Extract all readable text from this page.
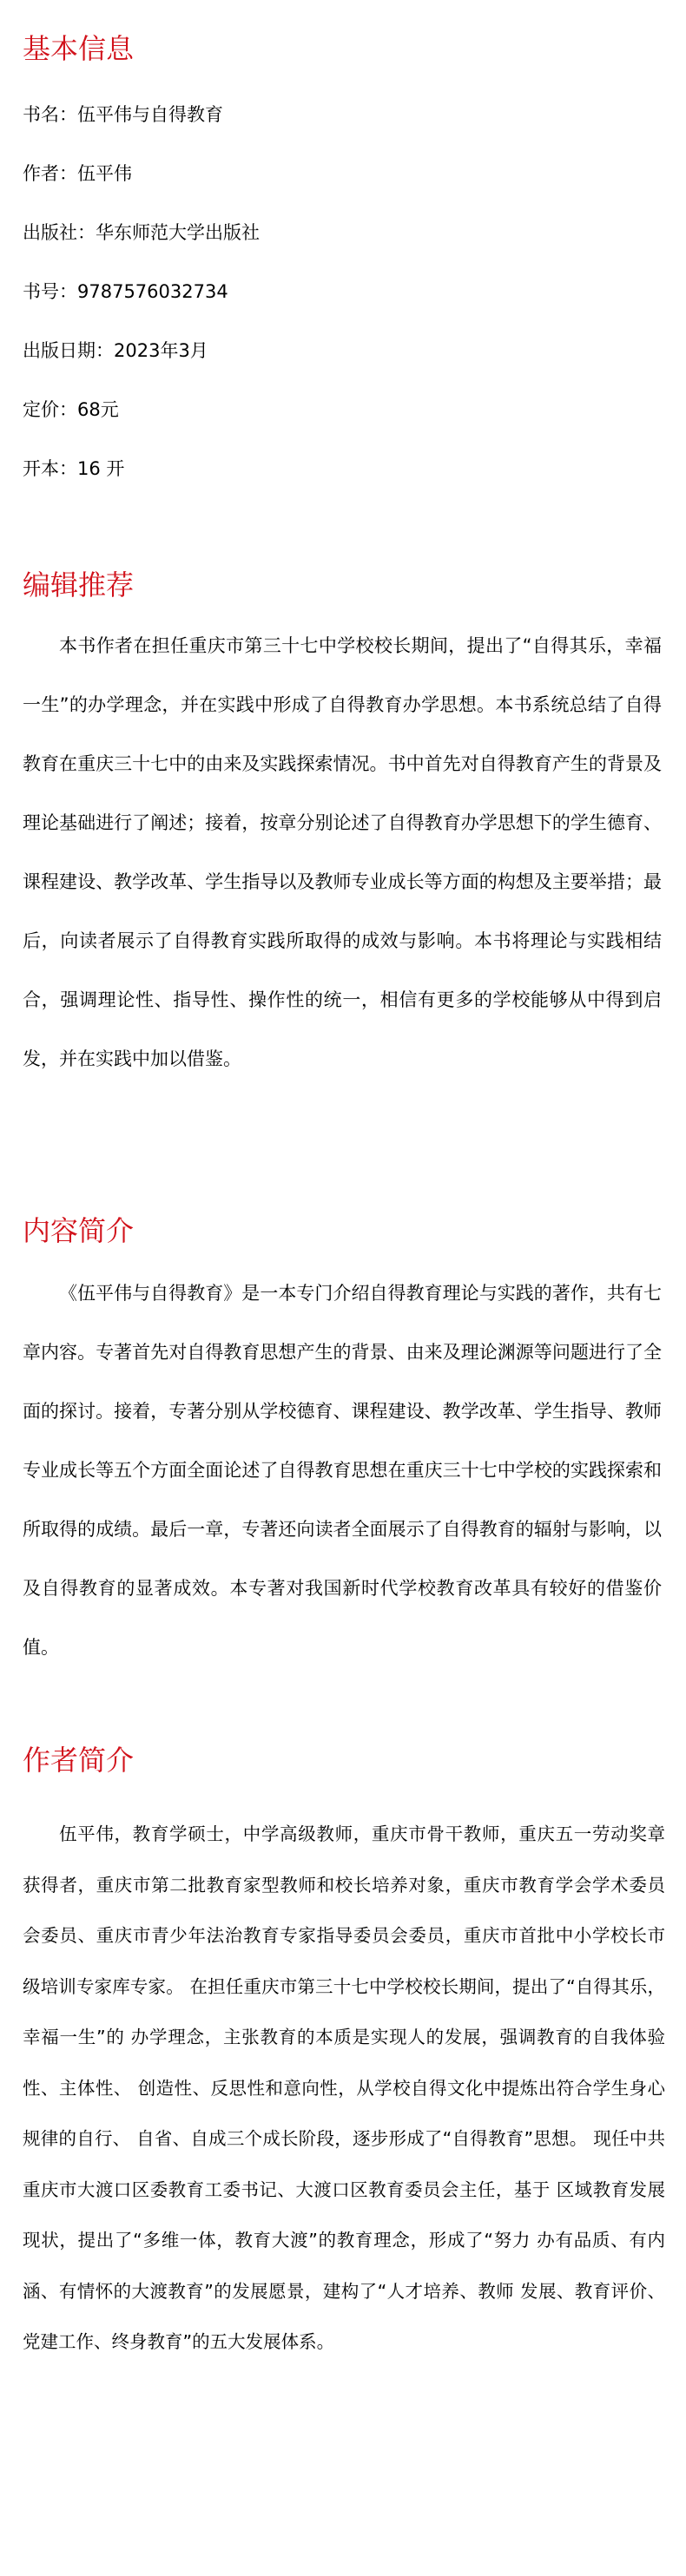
基本信息
书名：伍平伟与自得教育
作者：伍平伟
出版社：华东师范大学出版社
书号：9787576032734
出版日期：2023年3月
定价：68元
开本：16 开
编辑推荐

本书作者在担任重庆市第三十七中学校校长期间，提出了“自得其乐，幸福一生”的办学理念，并在实践中形成了自得教育办学思想。本书系统总结了自得教育在重庆三十七中的由来及实践探索情况。书中首先对自得教育产生的背景及理论基础进行了阐述；接着，按章分别论述了自得教育办学思想下的学生德育、课程建设、教学改革、学生指导以及教师专业成长等方面的构想及主要举措；最后，向读者展示了自得教育实践所取得的成效与影响。本书将理论与实践相结合，强调理论性、指导性、操作性的统一，相信有更多的学校能够从中得到启发，并在实践中加以借鉴。

内容简介

《伍平伟与自得教育》是一本专门介绍自得教育理论与实践的著作，共有七章内容。专著首先对自得教育思想产生的背景、由来及理论渊源等问题进行了全面的探讨。接着，专著分别从学校德育、课程建设、教学改革、学生指导、教师专业成长等五个方面全面论述了自得教育思想在重庆三十七中学校的实践探索和所取得的成绩。最后一章，专著还向读者全面展示了自得教育的辐射与影响，以及自得教育的显著成效。本专著对我国新时代学校教育改革具有较好的借鉴价值。

作者简介

伍平伟，教育学硕士，中学高级教师，重庆市骨干教师，重庆五一劳动奖章 获得者，重庆市第二批教育家型教师和校长培养对象，重庆市教育学会学术委员 会委员、重庆市青少年法治教育专家指导委员会委员，重庆市首批中小学校长市 级培训专家库专家。 在担任重庆市第三十七中学校校长期间，提出了“自得其乐，幸福一生”的 办学理念，主张教育的本质是实现人的发展，强调教育的自我体验性、主体性、 创造性、反思性和意向性，从学校自得文化中提炼出符合学生身心规律的自行、 自省、自成三个成长阶段，逐步形成了“自得教育”思想。 现任中共重庆市大渡口区委教育工委书记、大渡口区教育委员会主任，基于 区域教育发展现状，提出了“多维一体，教育大渡”的教育理念，形成了“努力 办有品质、有内涵、有情怀的大渡教育”的发展愿景，建构了“人才培养、教师 发展、教育评价、党建工作、终身教育”的五大发展体系。
